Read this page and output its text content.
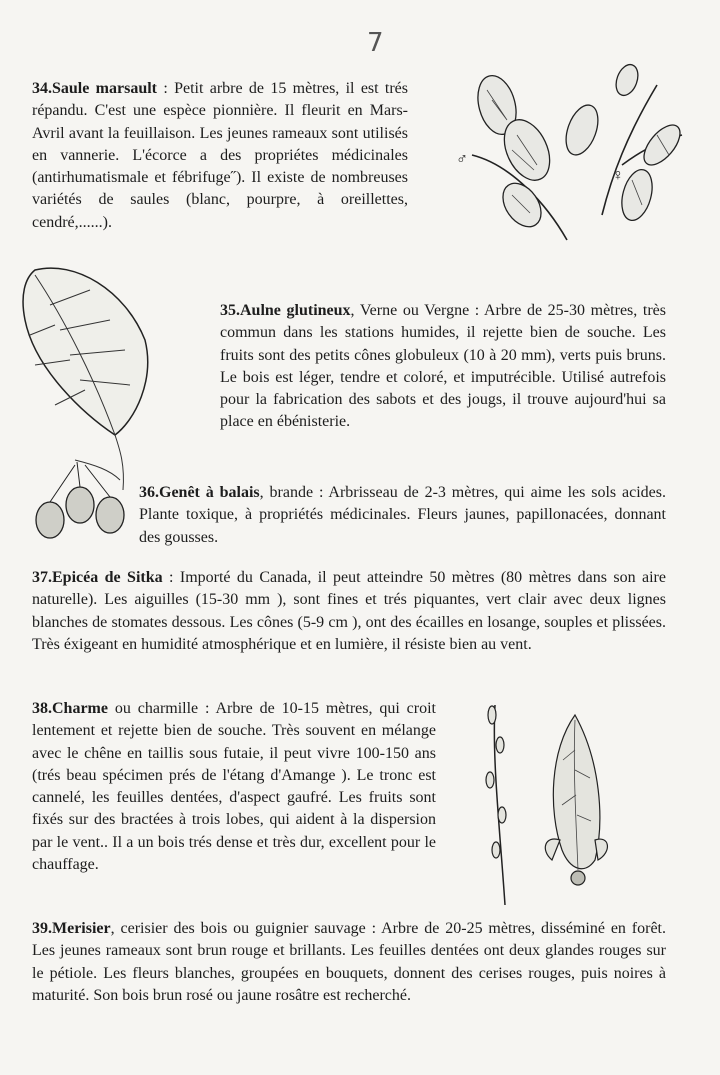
7
34.Saule marsault : Petit arbre de 15 mètres, il est trés répandu. C'est une espèce pionnière. Il fleurit en Mars-Avril avant la feuillaison. Les jeunes rameaux sont utilisés en vannerie. L'écorce a des propriétes médicinales (antirhumatismale et fébrifuge˝). Il existe de nombreuses variétés de saules (blanc, pourpre, à oreillettes, cendré,......).
♂
♀
35.Aulne glutineux, Verne ou Vergne : Arbre de 25-30 mètres, très commun dans les stations humides, il rejette bien de souche. Les fruits sont des petits cônes globuleux (10 à 20 mm), verts puis bruns. Le bois est léger, tendre et coloré, et imputrécible. Utilisé autrefois pour la fabrication des sabots et des jougs, il trouve aujourd'hui sa place en ébénisterie.
36.Genêt à balais, brande : Arbrisseau de 2-3 mètres, qui aime les sols acides. Plante toxique, à propriétés médicinales. Fleurs jaunes, papillonacées, donnant des gousses.
37.Epicéa de Sitka : Importé du Canada, il peut atteindre 50 mètres (80 mètres dans son aire naturelle). Les aiguilles (15-30 mm ), sont fines et trés piquantes, vert clair avec deux lignes blanches de stomates dessous. Les cônes (5-9 cm ), ont des écailles en losange, souples et plissées. Très éxigeant en humidité atmosphérique et en lumière, il résiste bien au vent.
38.Charme ou charmille : Arbre de 10-15 mètres, qui croit lentement et rejette bien de souche. Très souvent en mélange avec le chêne en taillis sous futaie, il peut vivre 100-150 ans (trés beau spécimen prés de l'étang d'Amange ). Le tronc est cannelé, les feuilles dentées, d'aspect gaufré. Les fruits sont fixés sur des bractées à trois lobes, qui aident à la dispersion par le vent.. Il a un bois trés dense et très dur, excellent pour le chauffage.
39.Merisier, cerisier des bois ou guignier sauvage : Arbre de 20-25 mètres, disséminé en forêt. Les jeunes rameaux sont brun rouge et brillants. Les feuilles dentées ont deux glandes rouges sur le pétiole. Les fleurs blanches, groupées en bouquets, donnent des cerises rouges, puis noires à maturité. Son bois brun rosé ou jaune rosâtre est recherché.
